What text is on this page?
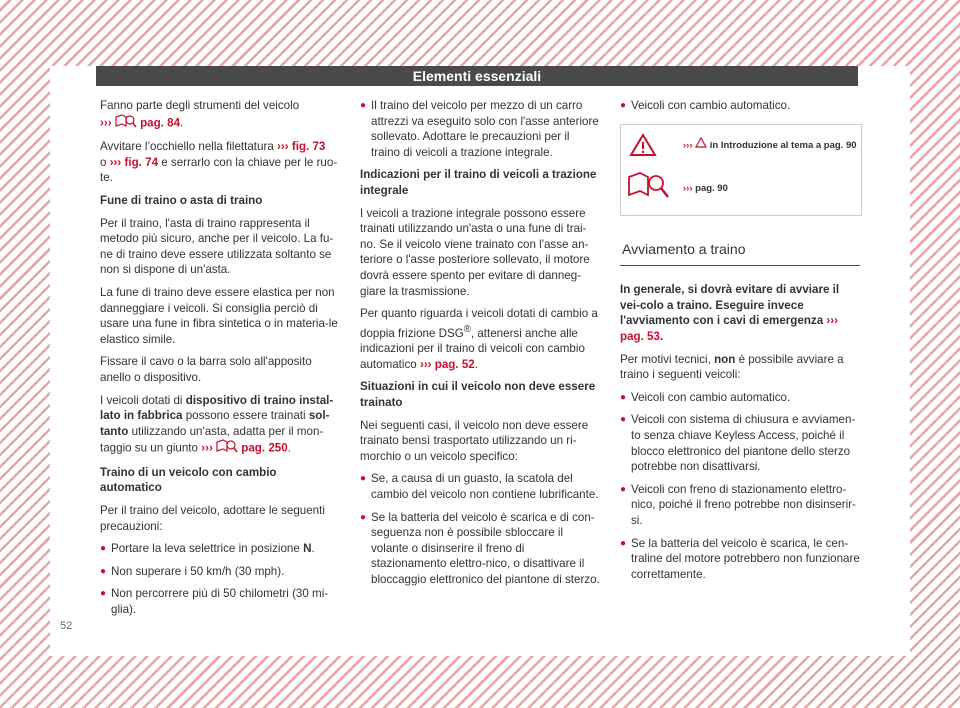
Elementi essenziali

Fanno parte degli strumenti del veicolo
››› pag. 84.

Avvitare l’occhiello nella filettatura ››› fig. 73
o ››› fig. 74 e serrarlo con la chiave per le ruo-te.

Fune di traino o asta di traino

Per il traino, l'asta di traino rappresenta il metodo più sicuro, anche per il veicolo. La fu-ne di traino deve essere utilizzata soltanto se non si dispone di un'asta.

La fune di traino deve essere elastica per non danneggiare i veicoli. Si consiglia perciò di usare una fune in fibra sintetica o in materia-le elastico simile.

Fissare il cavo o la barra solo all'apposito anello o dispositivo.

I veicoli dotati di dispositivo di traino instal-lato in fabbrica possono essere trainati sol-tanto utilizzando un'asta, adatta per il mon-taggio su un giunto ››› pag. 250.

Traino di un veicolo con cambio automatico

Per il traino del veicolo, adottare le seguenti precauzioni:

● Portare la leva selettrice in posizione N.

● Non superare i 50 km/h (30 mph).

● Non percorrere più di 50 chilometri (30 mi-glia).

● Il traino del veicolo per mezzo di un carro attrezzi va eseguito solo con l'asse anteriore sollevato. Adottare le precauzioni per il traino di veicoli a trazione integrale.

Indicazioni per il traino di veicoli a trazione integrale

I veicoli a trazione integrale possono essere trainati utilizzando un'asta o una fune di trai-no. Se il veicolo viene trainato con l'asse an-teriore o l'asse posteriore sollevato, il motore dovrà essere spento per evitare di danneg-giare la trasmissione.

Per quanto riguarda i veicoli dotati di cambio a doppia frizione DSG®, attenersi anche alle indicazioni per il traino di veicoli con cambio automatico ››› pag. 52.

Situazioni in cui il veicolo non deve essere trainato

Nei seguenti casi, il veicolo non deve essere trainato bensì trasportato utilizzando un ri-morchio o un veicolo specifico:

● Se, a causa di un guasto, la scatola del cambio del veicolo non contiene lubrificante.

● Se la batteria del veicolo è scarica e di con-seguenza non è possibile sbloccare il volante o disinserire il freno di stazionamento elettro-nico, o disattivare il bloccaggio elettronico del piantone di sterzo.

● Veicoli con cambio automatico.

››› in Introduzione al tema a pag. 90
››› pag. 90
Avviamento a traino

In generale, si dovrà evitare di avviare il vei-colo a traino. Eseguire invece l'avviamento con i cavi di emergenza ››› pag. 53.

Per motivi tecnici, non è possibile avviare a traino i seguenti veicoli:

● Veicoli con cambio automatico.

● Veicoli con sistema di chiusura e avviamen-to senza chiave Keyless Access, poiché il blocco elettronico del piantone dello sterzo potrebbe non disattivarsi.

● Veicoli con freno di stazionamento elettro-nico, poiché il freno potrebbe non disinserir-si.

● Se la batteria del veicolo è scarica, le cen-traline del motore potrebbero non funzionare correttamente.

52
